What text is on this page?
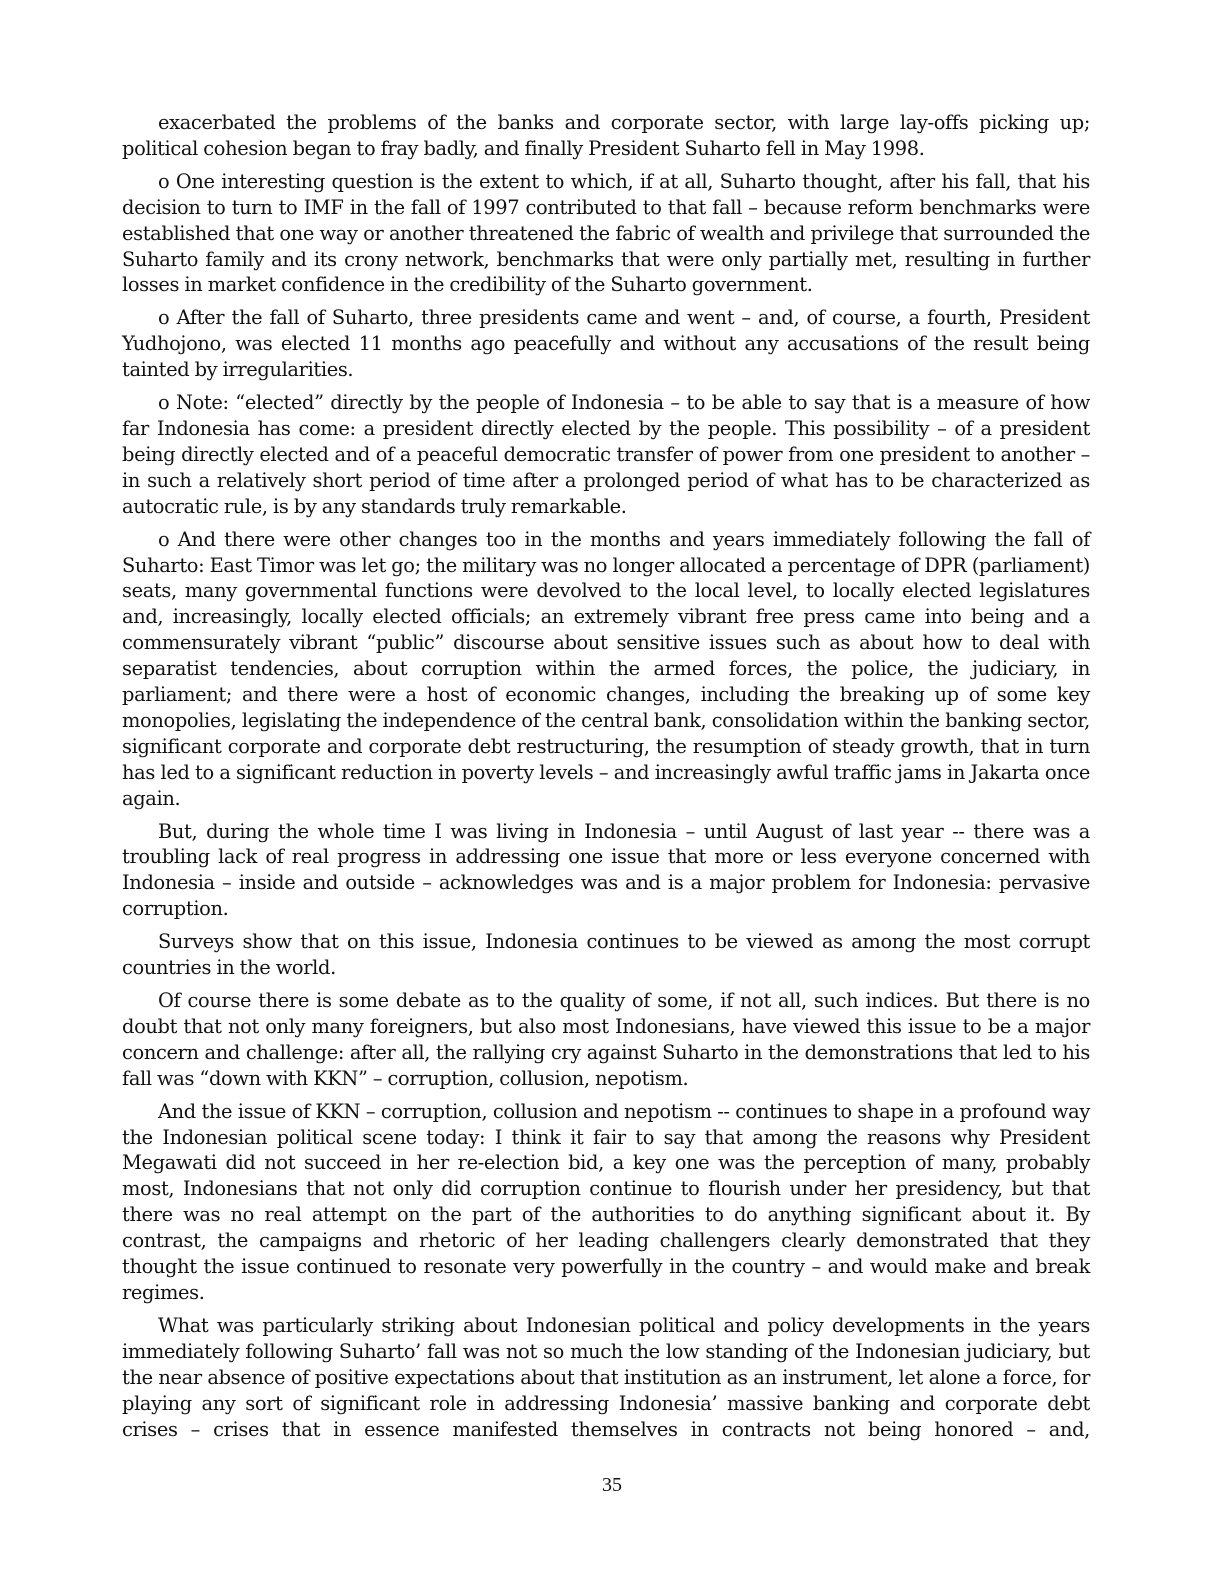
exacerbated the problems of the banks and corporate sector, with large lay-offs picking up; political cohesion began to fray badly, and finally President Suharto fell in May 1998.

o One interesting question is the extent to which, if at all, Suharto thought, after his fall, that his decision to turn to IMF in the fall of 1997 contributed to that fall – because reform benchmarks were established that one way or another threatened the fabric of wealth and privilege that surrounded the Suharto family and its crony network, benchmarks that were only partially met, resulting in further losses in market confidence in the credibility of the Suharto government.

o After the fall of Suharto, three presidents came and went – and, of course, a fourth, President Yudhojono, was elected 11 months ago peacefully and without any accusations of the result being tainted by irregularities.

o Note: “elected” directly by the people of Indonesia – to be able to say that is a measure of how far Indonesia has come: a president directly elected by the people. This possibility – of a president being directly elected and of a peaceful democratic transfer of power from one president to another – in such a relatively short period of time after a prolonged period of what has to be characterized as autocratic rule, is by any standards truly remarkable.

o And there were other changes too in the months and years immediately following the fall of Suharto: East Timor was let go; the military was no longer allocated a percentage of DPR (parliament) seats, many governmental functions were devolved to the local level, to locally elected legislatures and, increasingly, locally elected officials; an extremely vibrant free press came into being and a commensurately vibrant “public” discourse about sensitive issues such as about how to deal with separatist tendencies, about corruption within the armed forces, the police, the judiciary, in parliament; and there were a host of economic changes, including the breaking up of some key monopolies, legislating the independence of the central bank, consolidation within the banking sector, significant corporate and corporate debt restructuring, the resumption of steady growth, that in turn has led to a significant reduction in poverty levels – and increasingly awful traffic jams in Jakarta once again.

But, during the whole time I was living in Indonesia – until August of last year -- there was a troubling lack of real progress in addressing one issue that more or less everyone concerned with Indonesia – inside and outside – acknowledges was and is a major problem for Indonesia: pervasive corruption.

Surveys show that on this issue, Indonesia continues to be viewed as among the most corrupt countries in the world.

Of course there is some debate as to the quality of some, if not all, such indices. But there is no doubt that not only many foreigners, but also most Indonesians, have viewed this issue to be a major concern and challenge: after all, the rallying cry against Suharto in the demonstrations that led to his fall was “down with KKN” – corruption, collusion, nepotism.

And the issue of KKN – corruption, collusion and nepotism -- continues to shape in a profound way the Indonesian political scene today: I think it fair to say that among the reasons why President Megawati did not succeed in her re-election bid, a key one was the perception of many, probably most, Indonesians that not only did corruption continue to flourish under her presidency, but that there was no real attempt on the part of the authorities to do anything significant about it. By contrast, the campaigns and rhetoric of her leading challengers clearly demonstrated that they thought the issue continued to resonate very powerfully in the country – and would make and break regimes.

What was particularly striking about Indonesian political and policy developments in the years immediately following Suharto’ fall was not so much the low standing of the Indonesian judiciary, but the near absence of positive expectations about that institution as an instrument, let alone a force, for playing any sort of significant role in addressing Indonesia’ massive banking and corporate debt crises – crises that in essence manifested themselves in contracts not being honored – and,

35
